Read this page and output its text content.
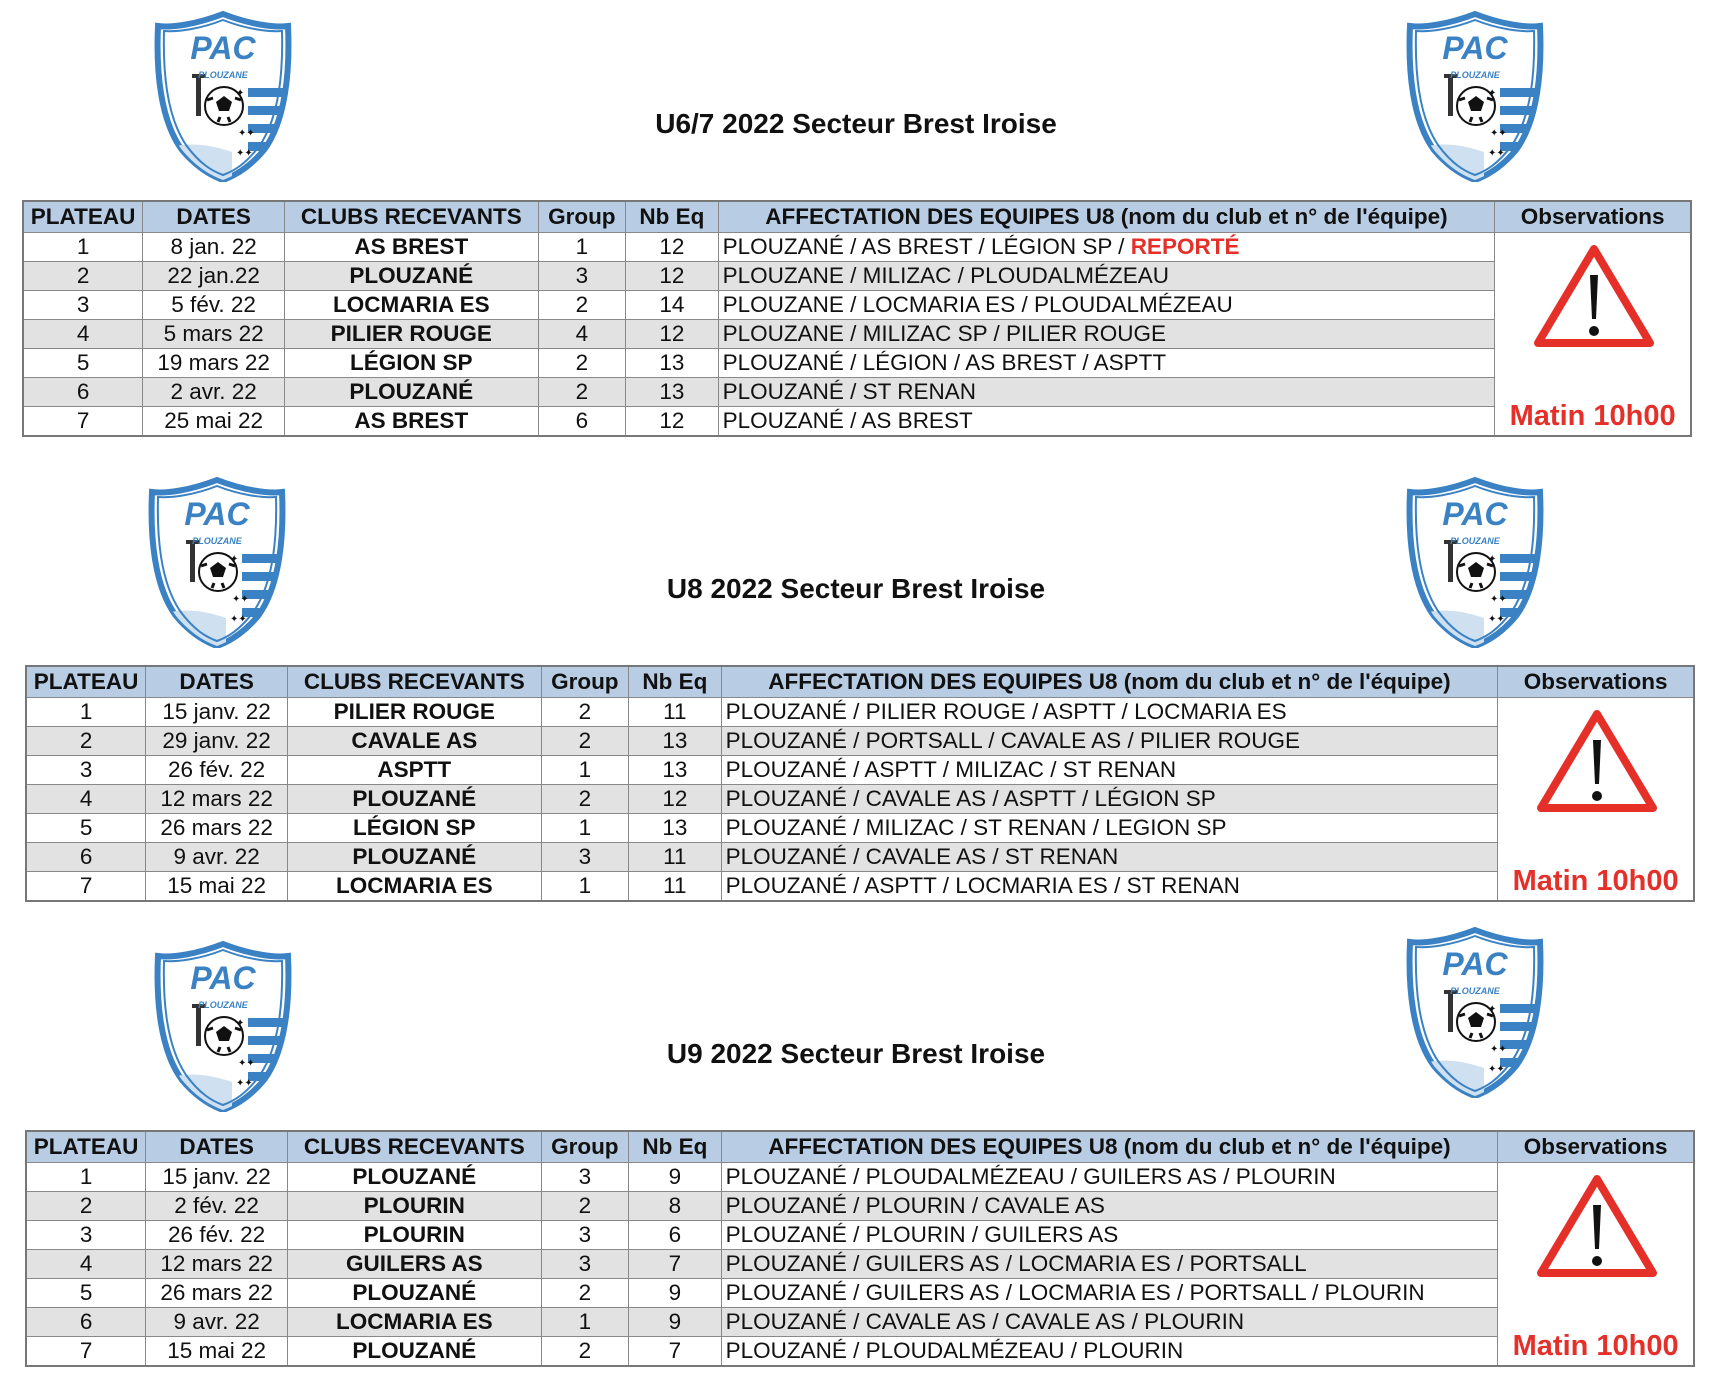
PAC
PLOUZANE
PAC
PLOUZANE
U6/7 2022 Secteur Brest Iroise
PLATEAU	DATES	CLUBS RECEVANTS	Group	Nb Eq	AFFECTATION DES EQUIPES U8 (nom du club et n° de l'équipe)	Observations
1	8 jan. 22	AS BREST	1	12	PLOUZANÉ / AS BREST / LÉGION SP / REPORTÉ	Matin 10h00

2	22 jan.22	PLOUZANÉ	3	12	PLOUZANE / MILIZAC / PLOUDALMÉZEAU	
3	5 fév. 22	LOCMARIA ES	2	14	PLOUZANE / LOCMARIA ES / PLOUDALMÉZEAU	
4	5 mars 22	PILIER ROUGE	4	12	PLOUZANE / MILIZAC SP / PILIER ROUGE	
5	19 mars 22	LÉGION SP	2	13	PLOUZANÉ / LÉGION / AS BREST / ASPTT	
6	2 avr. 22	PLOUZANÉ	2	13	PLOUZANÉ / ST RENAN	
7	25 mai 22	AS BREST	6	12	PLOUZANÉ / AS BREST	
PAC
PLOUZANE
PAC
PLOUZANE
U8 2022 Secteur Brest Iroise
PLATEAU	DATES	CLUBS RECEVANTS	Group	Nb Eq	AFFECTATION DES EQUIPES U8 (nom du club et n° de l'équipe)	Observations
1	15 janv. 22	PILIER ROUGE	2	11	PLOUZANÉ / PILIER ROUGE / ASPTT / LOCMARIA ES	Matin 10h00

2	29 janv. 22	CAVALE AS	2	13	PLOUZANÉ / PORTSALL / CAVALE AS / PILIER ROUGE	
3	26 fév. 22	ASPTT	1	13	PLOUZANÉ / ASPTT / MILIZAC / ST RENAN	
4	12 mars 22	PLOUZANÉ	2	12	PLOUZANÉ / CAVALE AS / ASPTT / LÉGION SP	
5	26 mars 22	LÉGION SP	1	13	PLOUZANÉ / MILIZAC / ST RENAN / LEGION SP	
6	9 avr. 22	PLOUZANÉ	3	11	PLOUZANÉ / CAVALE AS / ST RENAN	
7	15 mai 22	LOCMARIA ES	1	11	PLOUZANÉ / ASPTT / LOCMARIA ES / ST RENAN	
PAC
PLOUZANE
PAC
PLOUZANE
U9 2022 Secteur Brest Iroise
PLATEAU	DATES	CLUBS RECEVANTS	Group	Nb Eq	AFFECTATION DES EQUIPES U8 (nom du club et n° de l'équipe)	Observations
1	15 janv. 22	PLOUZANÉ	3	9	PLOUZANÉ / PLOUDALMÉZEAU / GUILERS AS / PLOURIN	Matin 10h00

2	2 fév. 22	PLOURIN	2	8	PLOUZANÉ / PLOURIN / CAVALE AS	
3	26 fév. 22	PLOURIN	3	6	PLOUZANÉ / PLOURIN / GUILERS AS	
4	12 mars 22	GUILERS AS	3	7	PLOUZANÉ / GUILERS AS / LOCMARIA ES / PORTSALL	
5	26 mars 22	PLOUZANÉ	2	9	PLOUZANÉ / GUILERS AS / LOCMARIA ES / PORTSALL / PLOURIN	
6	9 avr. 22	LOCMARIA ES	1	9	PLOUZANÉ / CAVALE AS / CAVALE AS / PLOURIN	
7	15 mai 22	PLOUZANÉ	2	7	PLOUZANÉ / PLOUDALMÉZEAU / PLOURIN	
